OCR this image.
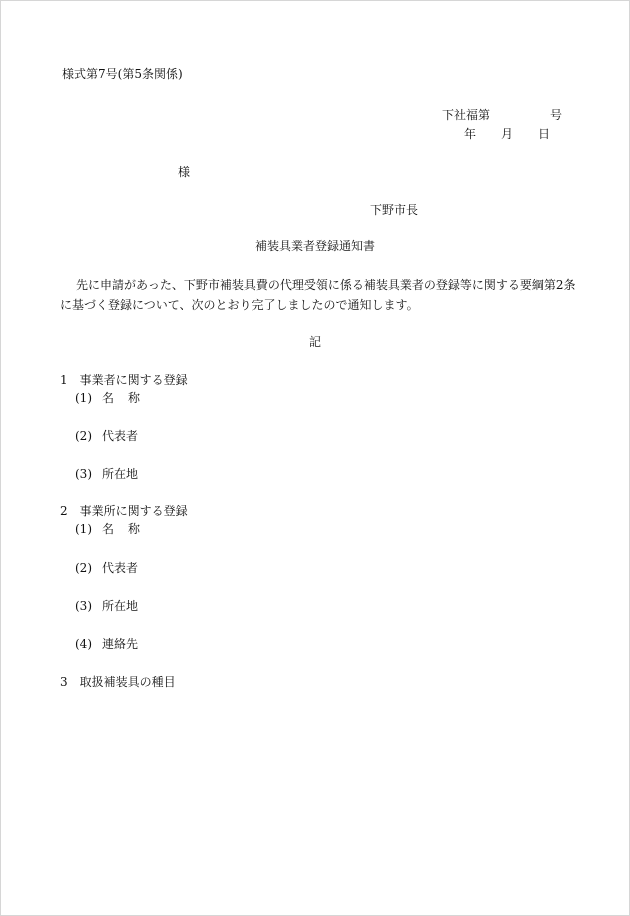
様式第7号(第5条関係)
下社福第	号
年 月 日
様
下野市長
補装具業者登録通知書
先に申請があった、下野市補装具費の代理受領に係る補装具業者の登録等に関する要綱第2条
に基づく登録について、次のとおり完了しましたので通知します。
記
1　事業者に関する登録
(1) 名称
(2) 代表者
(3) 所在地
2　事業所に関する登録
(1) 名称
(2) 代表者
(3) 所在地
(4) 連絡先
3　取扱補装具の種目
